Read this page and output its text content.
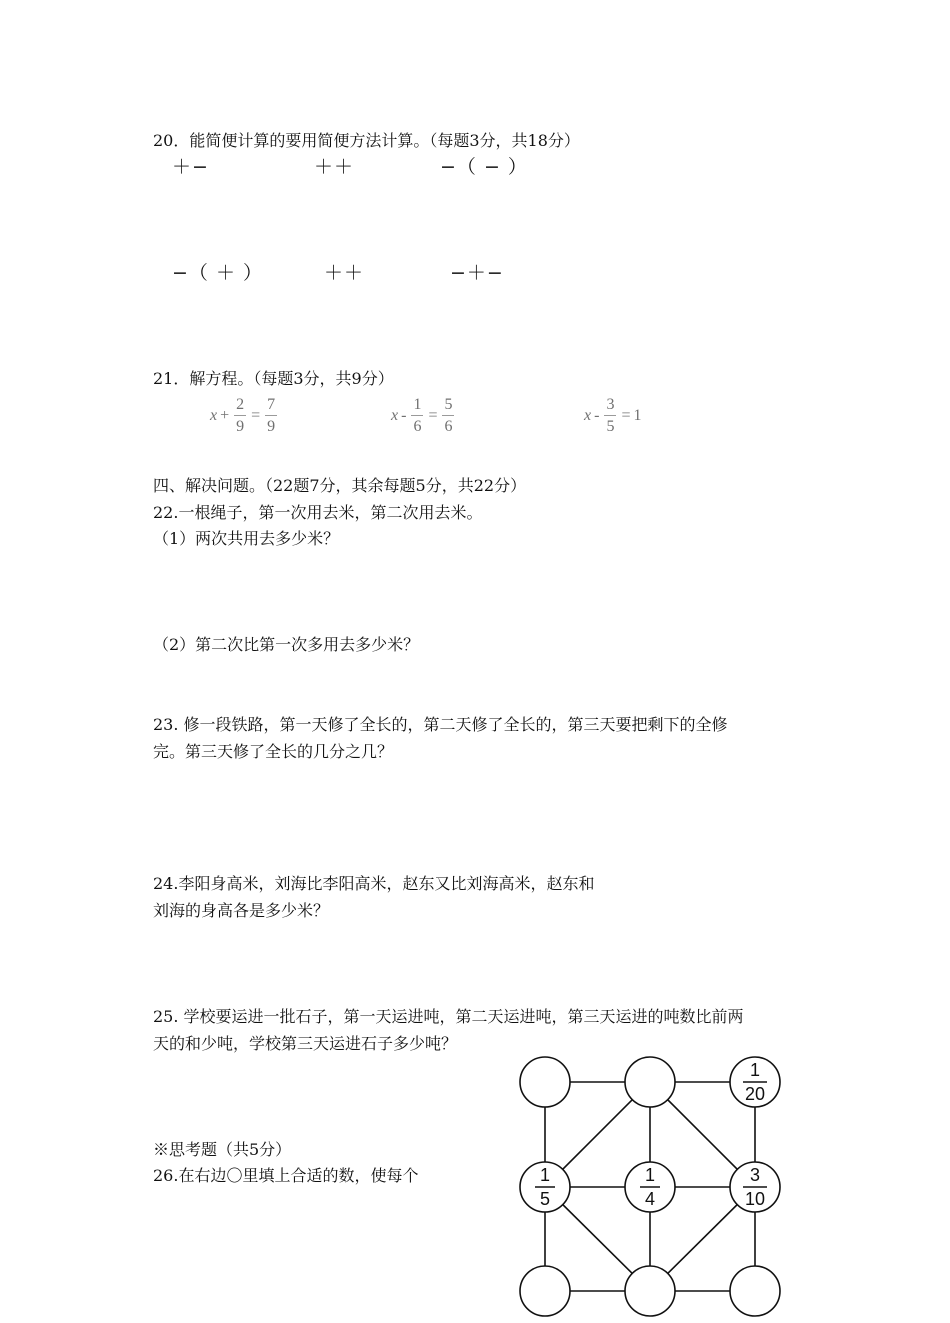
20．能简便计算的要用简便方法计算。（每题3分，共18分）
＋−	＋＋	−（ − ）
−（ ＋ ）	＋＋	−＋−
21．解方程。（每题3分，共9分）
$x + \frac{2}{9} = \frac{7}{9}$	$x - \frac{1}{6} = \frac{5}{6}$	$x - \frac{3}{5} = 1$
四、解决问题。（22题7分，其余每题5分，共22分）
22.一根绳子，第一次用去米，第二次用去米。
（1）两次共用去多少米？
（2）第二次比第一次多用去多少米？
23. 修一段铁路，第一天修了全长的，第二天修了全长的，第三天要把剩下的全修
完。第三天修了全长的几分之几？
24.李阳身高米，刘海比李阳高米，赵东又比刘海高米，赵东和
刘海的身高各是多少米？
25. 学校要运进一批石子，第一天运进吨，第二天运进吨，第三天运进的吨数比前两
天的和少吨，学校第三天运进石子多少吨？
※思考题（共5分）
26.在右边〇里填上合适的数，使每个
1
20
1
5
1
4
3
10
